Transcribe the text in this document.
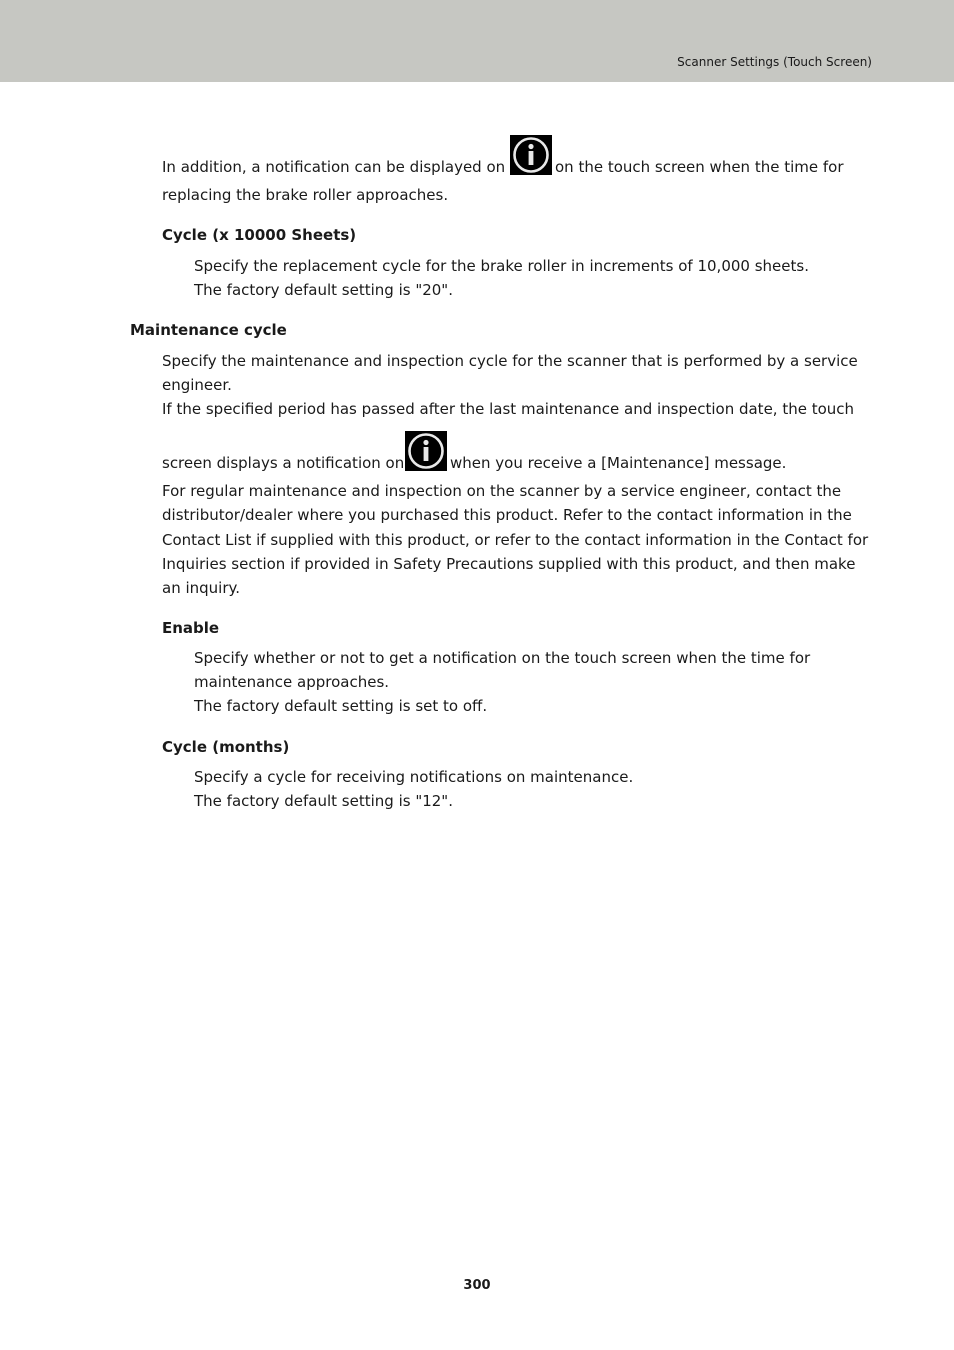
Scanner Settings (Touch Screen)
In addition, a notification can be displayed on	on the touch screen when the time for
replacing the brake roller approaches.
Cycle (x 10000 Sheets)
Specify the replacement cycle for the brake roller in increments of 10,000 sheets.
The factory default setting is "20".
Maintenance cycle
Specify the maintenance and inspection cycle for the scanner that is performed by a service
engineer.
If the specified period has passed after the last maintenance and inspection date, the touch
screen displays a notification on	when you receive a [Maintenance] message.
For regular maintenance and inspection on the scanner by a service engineer, contact the
distributor/dealer where you purchased this product. Refer to the contact information in the
Contact List if supplied with this product, or refer to the contact information in the Contact for
Inquiries section if provided in Safety Precautions supplied with this product, and then make
an inquiry.
Enable
Specify whether or not to get a notification on the touch screen when the time for
maintenance approaches.
The factory default setting is set to off.
Cycle (months)
Specify a cycle for receiving notifications on maintenance.
The factory default setting is "12".
300
